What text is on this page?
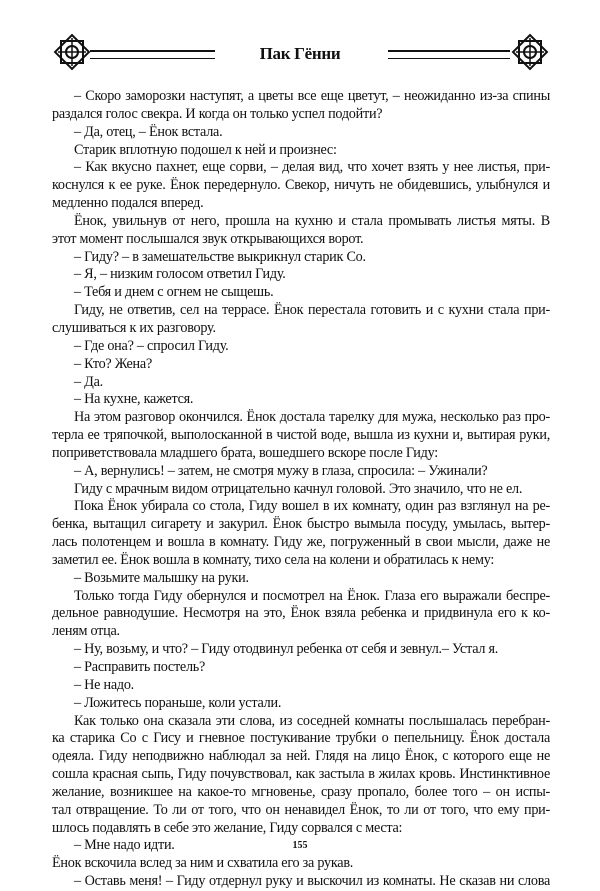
Пак Гённи
– Скоро заморозки наступят, а цветы все еще цветут, – неожиданно из-за спины
раздался голос свекра. И когда он только успел подойти?
– Да, отец, – Ёнок встала.
Старик вплотную подошел к ней и произнес:
– Как вкусно пахнет, еще сорви, – делая вид, что хочет взять у нее листья, при-
коснулся к ее руке. Ёнок передернуло. Свекор, ничуть не обидевшись, улыбнулся и
медленно подался вперед.
Ёнок, увильнув от него, прошла на кухню и стала промывать листья мяты. В
этот момент послышался звук открывающихся ворот.
– Гиду? – в замешательстве выкрикнул старик Со.
– Я, – низким голосом ответил Гиду.
– Тебя и днем с огнем не сыщешь.
Гиду, не ответив, сел на террасе. Ёнок перестала готовить и с кухни стала при-
слушиваться к их разговору.
– Где она? – спросил Гиду.
– Кто? Жена?
– Да.
– На кухне, кажется.
На этом разговор окончился. Ёнок достала тарелку для мужа, несколько раз про-
терла ее тряпочкой, выполосканной в чистой воде, вышла из кухни и, вытирая руки,
поприветствовала младшего брата, вошедшего вскоре после Гиду:
– А, вернулись! – затем, не смотря мужу в глаза, спросила: – Ужинали?
Гиду с мрачным видом отрицательно качнул головой. Это значило, что не ел.
Пока Ёнок убирала со стола, Гиду вошел в их комнату, один раз взглянул на ре-
бенка, вытащил сигарету и закурил. Ёнок быстро вымыла посуду, умылась, вытер-
лась полотенцем и вошла в комнату. Гиду же, погруженный в свои мысли, даже не
заметил ее. Ёнок вошла в комнату, тихо села на колени и обратилась к нему:
– Возьмите малышку на руки.
Только тогда Гиду обернулся и посмотрел на Ёнок. Глаза его выражали беспре-
дельное равнодушие. Несмотря на это, Ёнок взяла ребенка и придвинула его к ко-
леням отца.
– Ну, возьму, и что? – Гиду отодвинул ребенка от себя и зевнул.– Устал я.
– Расправить постель?
– Не надо.
– Ложитесь пораньше, коли устали.
Как только она сказала эти слова, из соседней комнаты послышалась перебран-
ка старика Со с Гису и гневное постукивание трубки о пепельницу. Ёнок достала
одеяла. Гиду неподвижно наблюдал за ней. Глядя на лицо Ёнок, с которого еще не
сошла красная сыпь, Гиду почувствовал, как застыла в жилах кровь. Инстинктивное
желание, возникшее на какое-то мгновенье, сразу пропало, более того – он испы-
тал отвращение. То ли от того, что он ненавидел Ёнок, то ли от того, что ему при-
шлось подавлять в себе это желание, Гиду сорвался с места:
– Мне надо идти.
Ёнок вскочила вслед за ним и схватила его за рукав.
– Оставь меня! – Гиду отдернул руку и выскочил из комнаты. Не сказав ни слова
155
